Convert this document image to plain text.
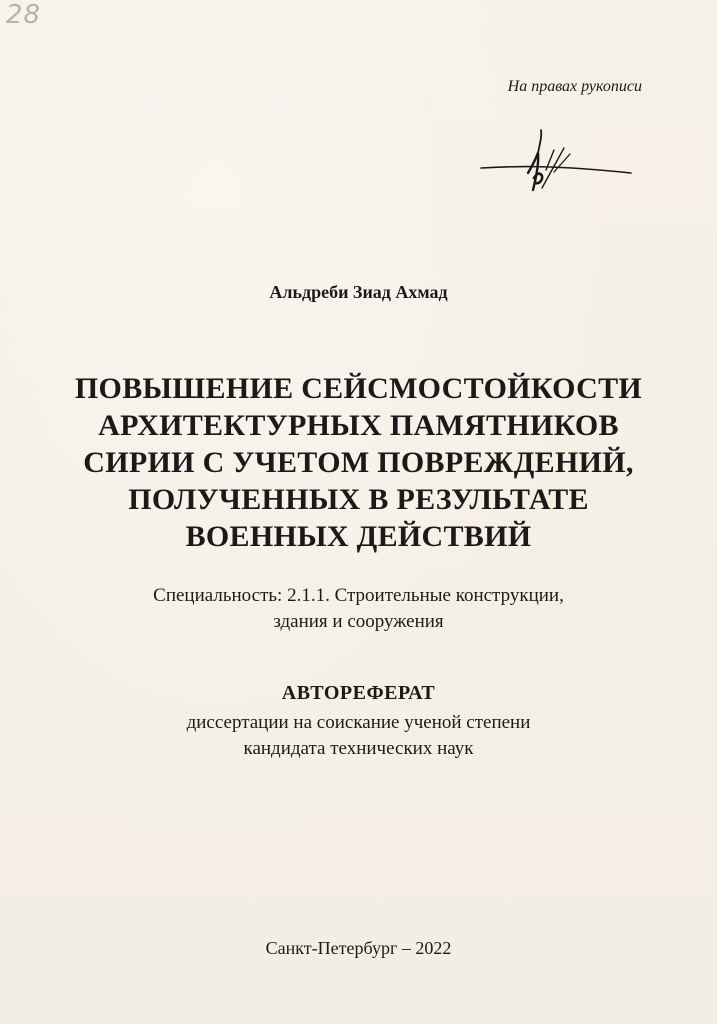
28
На правах рукописи
Альдреби Зиад Ахмад
ПОВЫШЕНИЕ СЕЙСМОСТОЙКОСТИ
АРХИТЕКТУРНЫХ ПАМЯТНИКОВ
СИРИИ С УЧЕТОМ ПОВРЕЖДЕНИЙ,
ПОЛУЧЕННЫХ В РЕЗУЛЬТАТЕ
ВОЕННЫХ ДЕЙСТВИЙ
Специальность: 2.1.1. Строительные конструкции,
здания и сооружения
АВТОРЕФЕРАТ
диссертации на соискание ученой степени
кандидата технических наук
Санкт-Петербург – 2022
